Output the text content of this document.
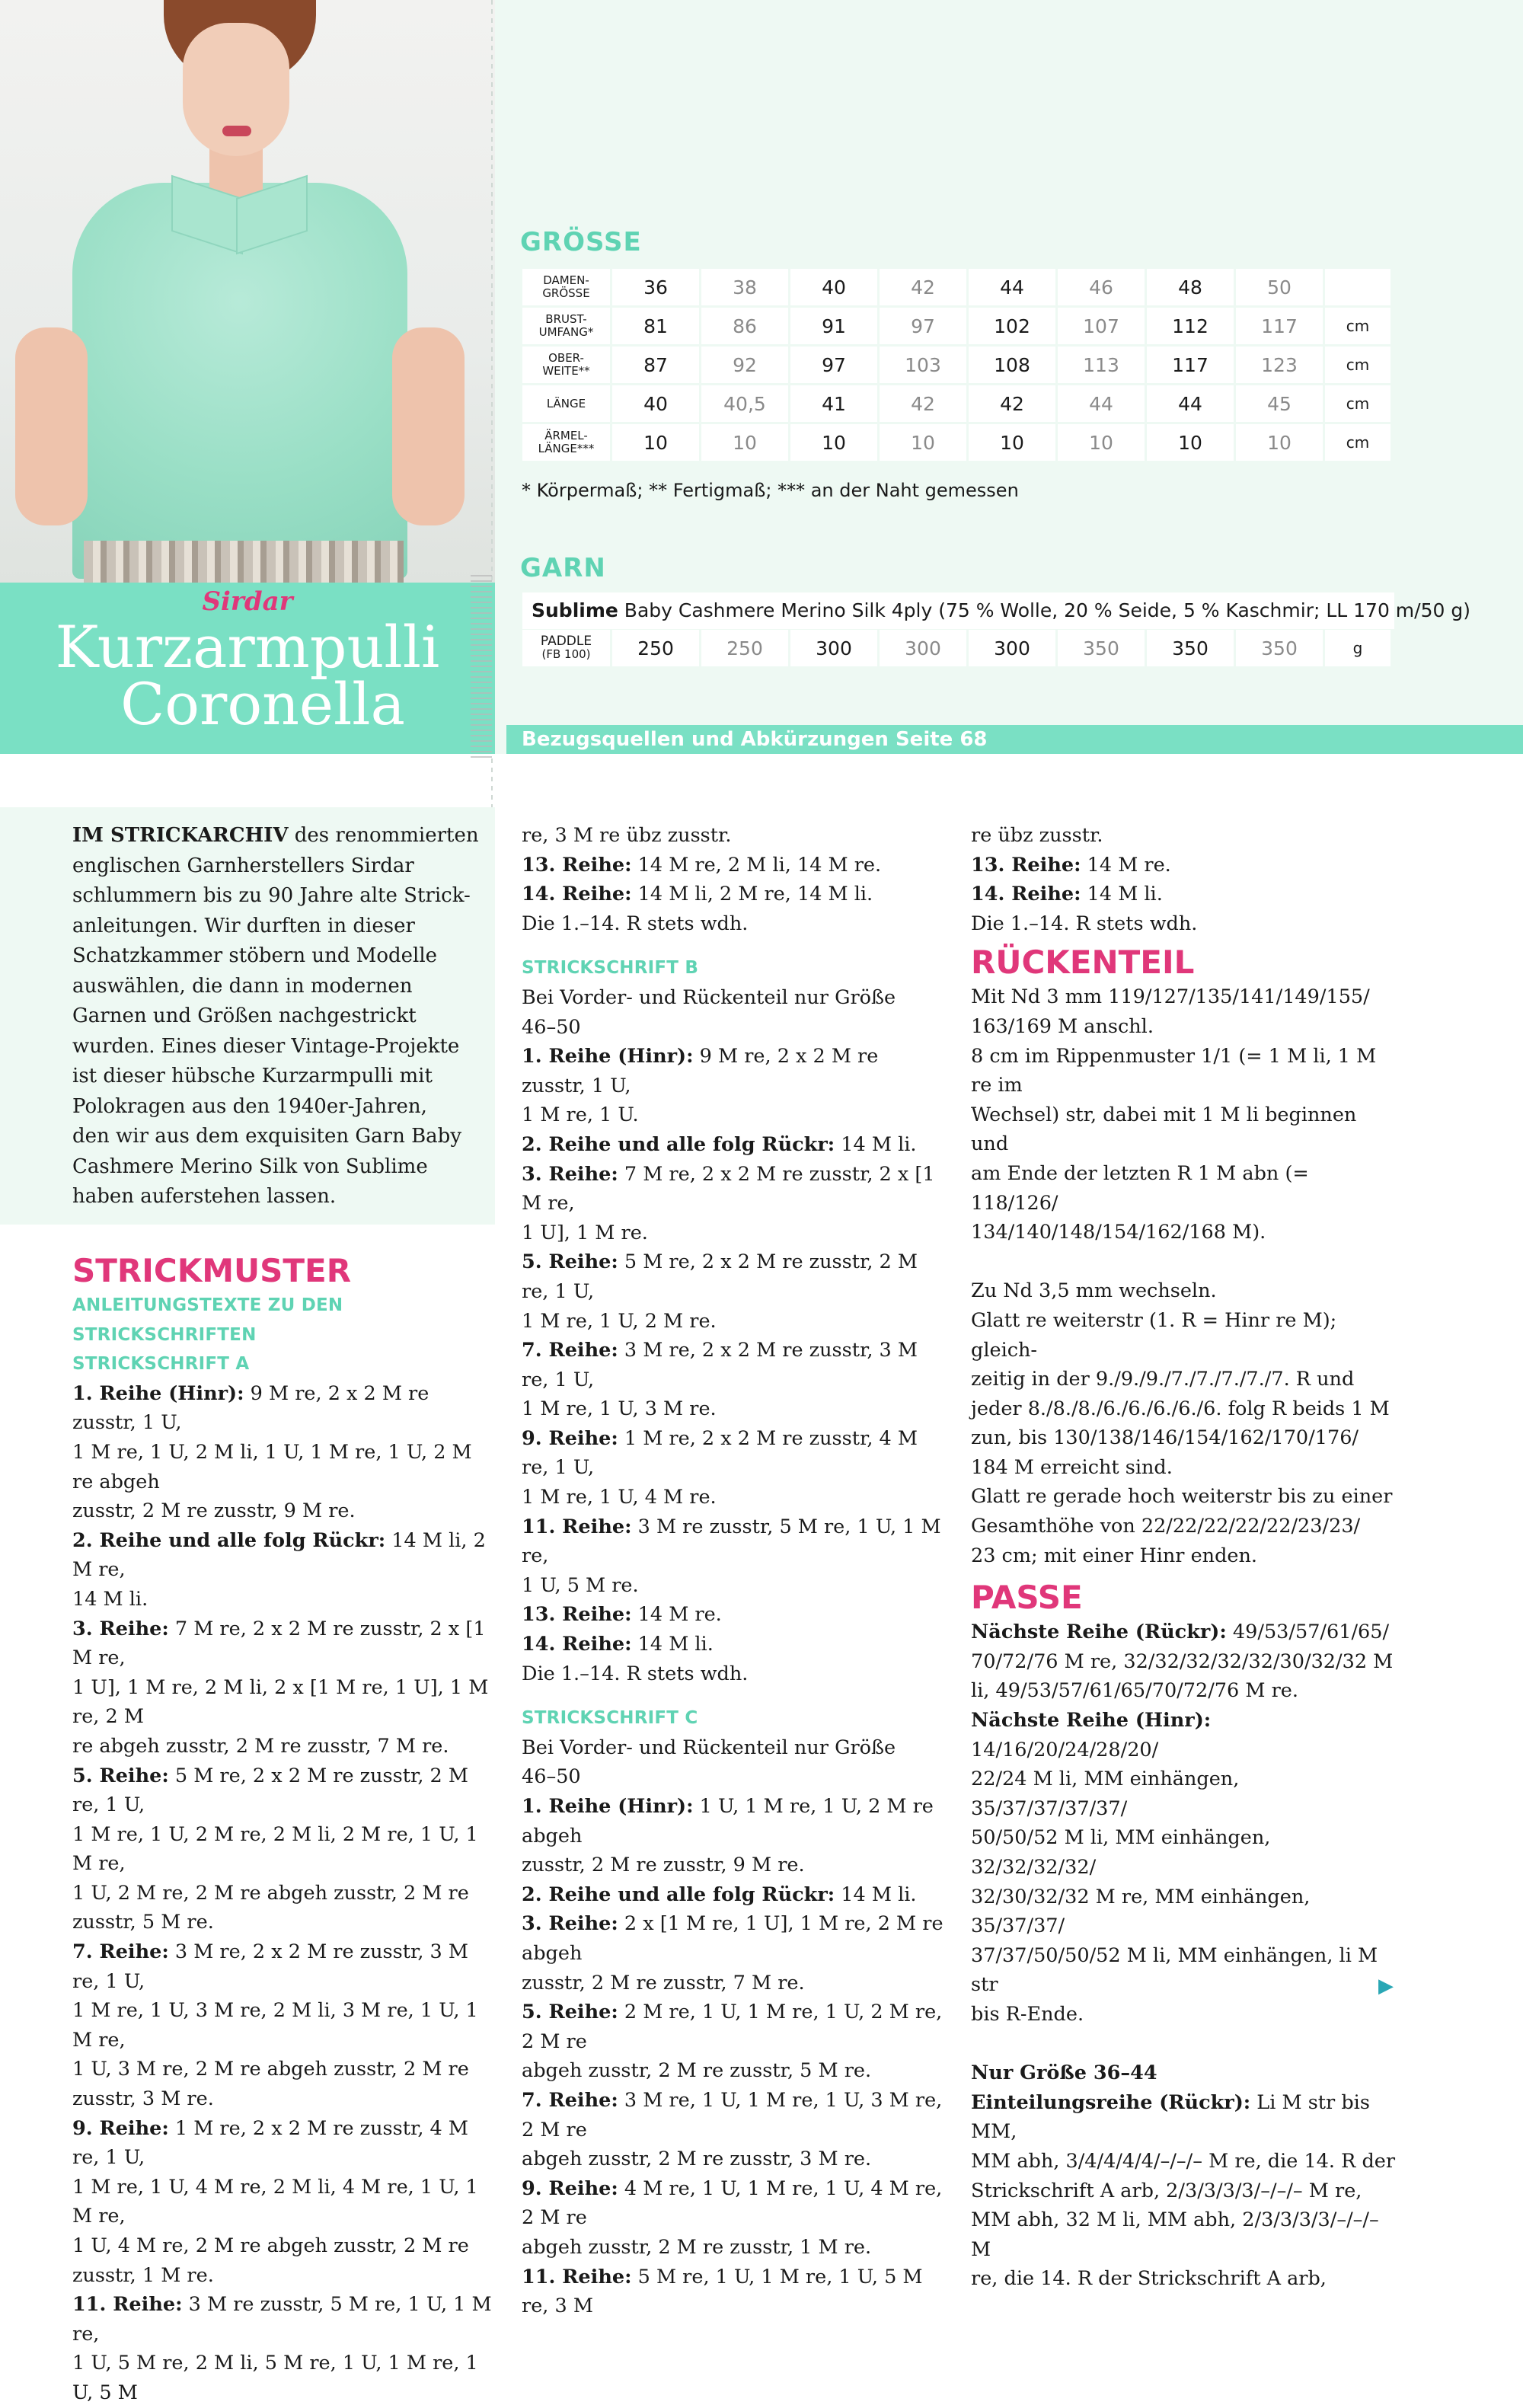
Sirdar
Kurzarmpulli
Coronella
GRÖSSE
DAMEN-
GRÖSSE	36	38	40	42	44	46	48	50	
BRUST-
UMFANG*	81	86	91	97	102	107	112	117	cm
OBER-
WEITE**	87	92	97	103	108	113	117	123	cm
LÄNGE	40	40,5	41	42	42	44	44	45	cm
ÄRMEL-
LÄNGE***	10	10	10	10	10	10	10	10	cm
* Körpermaß; ** Fertigmaß; *** an der Naht gemessen
GARN
Sublime Baby Cashmere Merino Silk 4ply (75 % Wolle, 20 % Seide, 5 % Kaschmir; LL 170 m/50 g)
PADDLE
(FB 100)	250	250	300	300	300	350	350	350	g
Bezugsquellen und Abkürzungen Seite 68
IM STRICKARCHIV des renommierten
englischen Garnherstellers Sirdar
schlummern bis zu 90 Jahre alte Strick-
anleitungen. Wir durften in dieser
Schatzkammer stöbern und Modelle
auswählen, die dann in modernen
Garnen und Größen nachgestrickt
wurden. Eines dieser Vintage-Projekte
ist dieser hübsche Kurzarmpulli mit
Polokragen aus den 1940er-Jahren,
den wir aus dem exquisiten Garn Baby
Cashmere Merino Silk von Sublime
haben auferstehen lassen.

STRICKMUSTER

ANLEITUNGSTEXTE ZU DEN STRICKSCHRIFTEN

STRICKSCHRIFT A

1. Reihe (Hinr): 9 M re, 2 x 2 M re zusstr, 1 U,

1 M re, 1 U, 2 M li, 1 U, 1 M re, 1 U, 2 M re abgeh

zusstr, 2 M re zusstr, 9 M re.

2. Reihe und alle folg Rückr: 14 M li, 2 M re,

14 M li.

3. Reihe: 7 M re, 2 x 2 M re zusstr, 2 x [1 M re,

1 U], 1 M re, 2 M li, 2 x [1 M re, 1 U], 1 M re, 2 M

re abgeh zusstr, 2 M re zusstr, 7 M re.

5. Reihe: 5 M re, 2 x 2 M re zusstr, 2 M re, 1 U,

1 M re, 1 U, 2 M re, 2 M li, 2 M re, 1 U, 1 M re,

1 U, 2 M re, 2 M re abgeh zusstr, 2 M re

zusstr, 5 M re.

7. Reihe: 3 M re, 2 x 2 M re zusstr, 3 M re, 1 U,

1 M re, 1 U, 3 M re, 2 M li, 3 M re, 1 U, 1 M re,

1 U, 3 M re, 2 M re abgeh zusstr, 2 M re

zusstr, 3 M re.

9. Reihe: 1 M re, 2 x 2 M re zusstr, 4 M re, 1 U,

1 M re, 1 U, 4 M re, 2 M li, 4 M re, 1 U, 1 M re,

1 U, 4 M re, 2 M re abgeh zusstr, 2 M re

zusstr, 1 M re.

11. Reihe: 3 M re zusstr, 5 M re, 1 U, 1 M re,

1 U, 5 M re, 2 M li, 5 M re, 1 U, 1 M re, 1 U, 5 M

re, 3 M re übz zusstr.

13. Reihe: 14 M re, 2 M li, 14 M re.

14. Reihe: 14 M li, 2 M re, 14 M li.

Die 1.–14. R stets wdh.

STRICKSCHRIFT B

Bei Vorder- und Rückenteil nur Größe

46–50

1. Reihe (Hinr): 9 M re, 2 x 2 M re zusstr, 1 U,

1 M re, 1 U.

2. Reihe und alle folg Rückr: 14 M li.

3. Reihe: 7 M re, 2 x 2 M re zusstr, 2 x [1 M re,

1 U], 1 M re.

5. Reihe: 5 M re, 2 x 2 M re zusstr, 2 M re, 1 U,

1 M re, 1 U, 2 M re.

7. Reihe: 3 M re, 2 x 2 M re zusstr, 3 M re, 1 U,

1 M re, 1 U, 3 M re.

9. Reihe: 1 M re, 2 x 2 M re zusstr, 4 M re, 1 U,

1 M re, 1 U, 4 M re.

11. Reihe: 3 M re zusstr, 5 M re, 1 U, 1 M re,

1 U, 5 M re.

13. Reihe: 14 M re.

14. Reihe: 14 M li.

Die 1.–14. R stets wdh.

STRICKSCHRIFT C

Bei Vorder- und Rückenteil nur Größe

46–50

1. Reihe (Hinr): 1 U, 1 M re, 1 U, 2 M re abgeh

zusstr, 2 M re zusstr, 9 M re.

2. Reihe und alle folg Rückr: 14 M li.

3. Reihe: 2 x [1 M re, 1 U], 1 M re, 2 M re abgeh

zusstr, 2 M re zusstr, 7 M re.

5. Reihe: 2 M re, 1 U, 1 M re, 1 U, 2 M re, 2 M re

abgeh zusstr, 2 M re zusstr, 5 M re.

7. Reihe: 3 M re, 1 U, 1 M re, 1 U, 3 M re, 2 M re

abgeh zusstr, 2 M re zusstr, 3 M re.

9. Reihe: 4 M re, 1 U, 1 M re, 1 U, 4 M re, 2 M re

abgeh zusstr, 2 M re zusstr, 1 M re.

11. Reihe: 5 M re, 1 U, 1 M re, 1 U, 5 M re, 3 M

re übz zusstr.

13. Reihe: 14 M re.

14. Reihe: 14 M li.

Die 1.–14. R stets wdh.

RÜCKENTEIL

Mit Nd 3 mm 119/127/135/141/149/155/

163/169 M anschl.

8 cm im Rippenmuster 1/1 (= 1 M li, 1 M re im

Wechsel) str, dabei mit 1 M li beginnen und

am Ende der letzten R 1 M abn (= 118/126/

134/140/148/154/162/168 M).

Zu Nd 3,5 mm wechseln.

Glatt re weiterstr (1. R = Hinr re M); gleich-

zeitig in der 9./9./9./7./7./7./7./7. R und

jeder 8./8./8./6./6./6./6./6. folg R beids 1 M

zun, bis 130/138/146/154/162/170/176/

184 M erreicht sind.

Glatt re gerade hoch weiterstr bis zu einer

Gesamthöhe von 22/22/22/22/22/23/23/

23 cm; mit einer Hinr enden.

PASSE

Nächste Reihe (Rückr): 49/53/57/61/65/

70/72/76 M re, 32/32/32/32/32/30/32/32 M

li, 49/53/57/61/65/70/72/76 M re.

Nächste Reihe (Hinr): 14/16/20/24/28/20/

22/24 M li, MM einhängen, 35/37/37/37/37/

50/50/52 M li, MM einhängen, 32/32/32/32/

32/30/32/32 M re, MM einhängen, 35/37/37/

37/37/50/50/52 M li, MM einhängen, li M str

bis R-Ende.

Nur Größe 36–44

Einteilungsreihe (Rückr): Li M str bis MM,

MM abh, 3/4/4/4/4/–/–/– M re, die 14. R der

Strickschrift A arb, 2/3/3/3/3/–/–/– M re,

MM abh, 32 M li, MM abh, 2/3/3/3/3/–/–/– M

re, die 14. R der Strickschrift A arb,

▶
